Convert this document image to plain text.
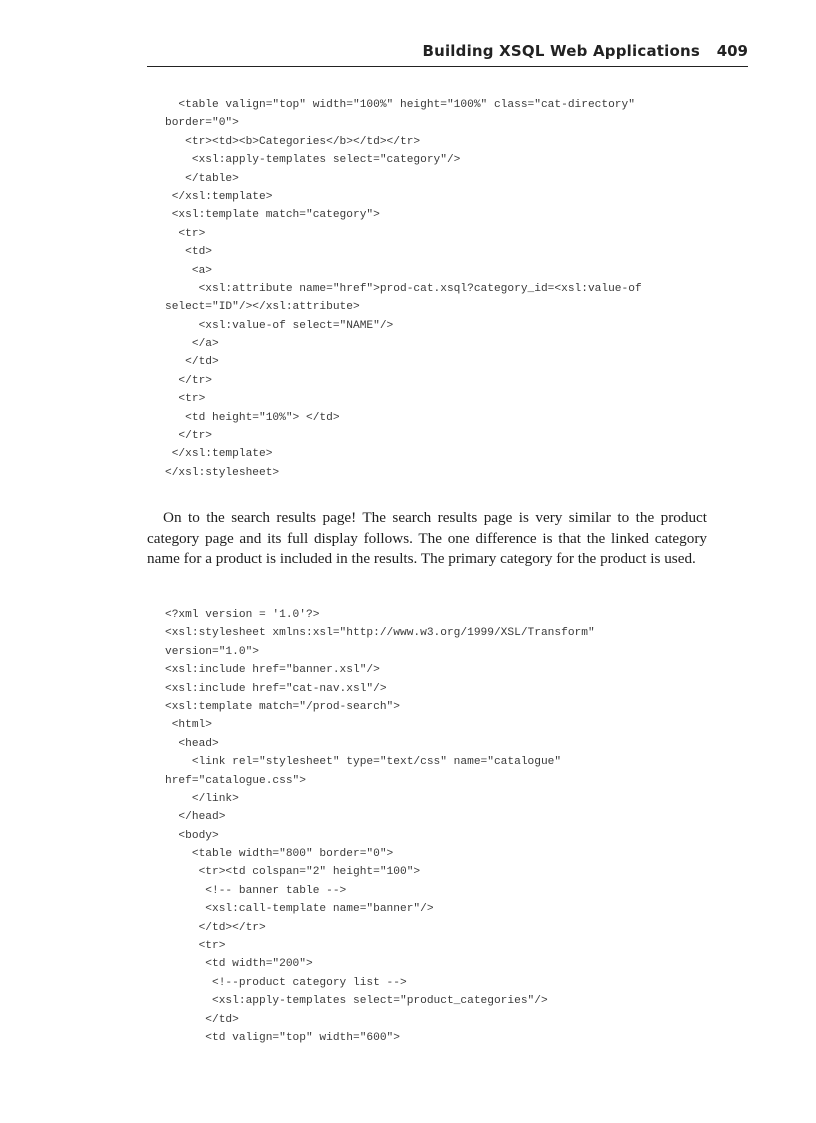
Building XSQL Web Applications 409
<table valign="top" width="100%" height="100%" class="cat-directory"
border="0">
<tr><td><b>Categories</b></td></tr>
<xsl:apply-templates select="category"/>
</table>
</xsl:template>
<xsl:template match="category">
<tr>
<td>
<a>
<xsl:attribute name="href">prod-cat.xsql?category_id=<xsl:value-of
select="ID"/></xsl:attribute>
<xsl:value-of select="NAME"/>
</a>
</td>
</tr>
<tr>
<td height="10%"> </td>
</tr>
</xsl:template>
</xsl:stylesheet>

On to the search results page! The search results page is very similar to the product category page and its full display follows. The one difference is that the linked category name for a product is included in the results. The primary category for the product is used.

<?xml version = '1.0'?>
<xsl:stylesheet xmlns:xsl="http://www.w3.org/1999/XSL/Transform"
version="1.0">
<xsl:include href="banner.xsl"/>
<xsl:include href="cat-nav.xsl"/>
<xsl:template match="/prod-search">
<html>
<head>
<link rel="stylesheet" type="text/css" name="catalogue"
href="catalogue.css">
</link>
</head>
<body>
<table width="800" border="0">
<tr><td colspan="2" height="100">
<!-- banner table -->
<xsl:call-template name="banner"/>
</td></tr>
<tr>
<td width="200">
<!--product category list -->
<xsl:apply-templates select="product_categories"/>
</td>
<td valign="top" width="600">
